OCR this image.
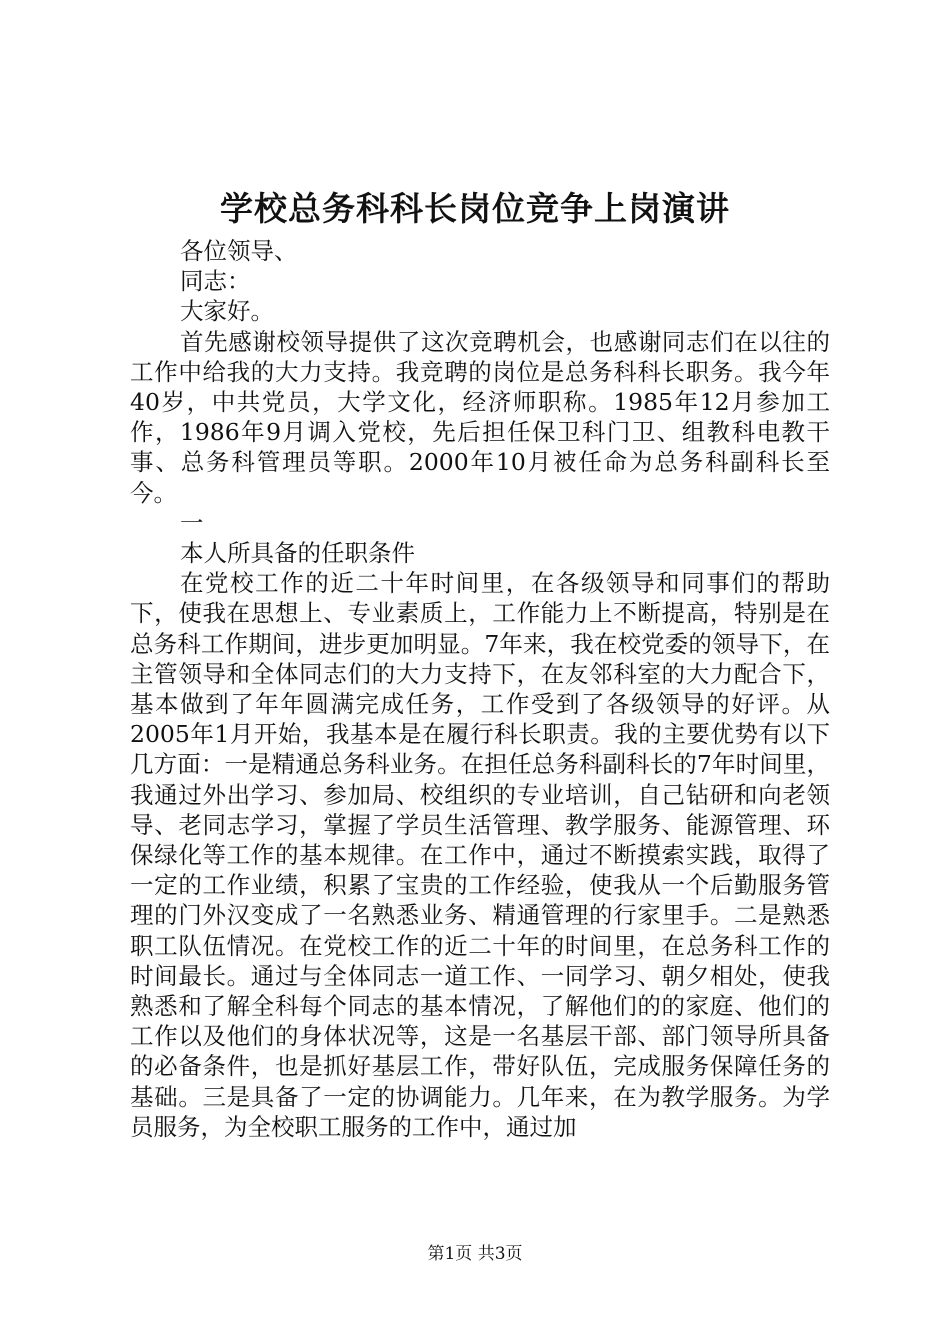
学校总务科科长岗位竞争上岗演讲

各位领导、

同志：

大家好。

首先感谢校领导提供了这次竞聘机会，也感谢同志们在以往的工作中给我的大力支持。我竞聘的岗位是总务科科长职务。我今年40岁，中共党员，大学文化，经济师职称。1985年12月参加工作，1986年9月调入党校，先后担任保卫科门卫、组教科电教干事、总务科管理员等职。2000年10月被任命为总务科副科长至今。

一

本人所具备的任职条件

在党校工作的近二十年时间里，在各级领导和同事们的帮助下，使我在思想上、专业素质上，工作能力上不断提高，特别是在总务科工作期间，进步更加明显。7年来，我在校党委的领导下，在主管领导和全体同志们的大力支持下，在友邻科室的大力配合下，基本做到了年年圆满完成任务，工作受到了各级领导的好评。从2005年1月开始，我基本是在履行科长职责。我的主要优势有以下几方面：一是精通总务科业务。在担任总务科副科长的7年时间里，我通过外出学习、参加局、校组织的专业培训，自己钻研和向老领导、老同志学习，掌握了学员生活管理、教学服务、能源管理、环保绿化等工作的基本规律。在工作中，通过不断摸索实践，取得了一定的工作业绩，积累了宝贵的工作经验，使我从一个后勤服务管理的门外汉变成了一名熟悉业务、精通管理的行家里手。二是熟悉职工队伍情况。在党校工作的近二十年的时间里，在总务科工作的时间最长。通过与全体同志一道工作、一同学习、朝夕相处，使我熟悉和了解全科每个同志的基本情况，了解他们的的家庭、他们的工作以及他们的身体状况等，这是一名基层干部、部门领导所具备的必备条件，也是抓好基层工作，带好队伍，完成服务保障任务的基础。三是具备了一定的协调能力。几年来，在为教学服务。为学员服务，为全校职工服务的工作中，通过加

第1页 共3页
